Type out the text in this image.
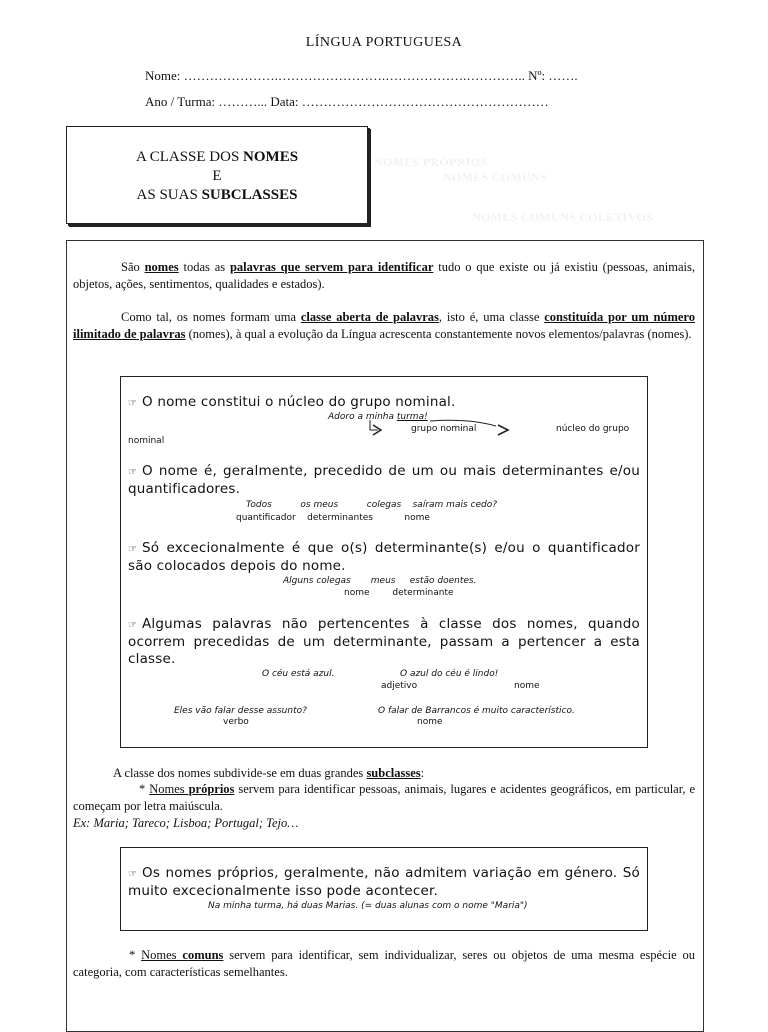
LÍNGUA PORTUGUESA
Nome: ………………….…………………….……………….………….. Nº: …….
Ano / Turma: ………... Data: …………………………………………………
A CLASSE DOS NOMES
E
AS SUAS SUBCLASSES
NOMES PRÓPRIOS
NOMES COMUNS
NOMES COMUNS COLETIVOS
São nomes todas as palavras que servem para identificar tudo o que existe ou já existiu (pessoas, animais, objetos, ações, sentimentos, qualidades e estados).
Como tal, os nomes formam uma classe aberta de palavras, isto é, uma classe constituída por um número ilimitado de palavras (nomes), à qual a evolução da Língua acrescenta constantemente novos elementos/palavras (nomes).
☞ O nome constitui o núcleo do grupo nominal.
Adoro a minha turma!
grupo nominal	núcleo do grupo
nominal
☞ O nome é, geralmente, precedido de um ou mais determinantes e/ou quantificadores.
Todos          os meus          colegas    saíram mais cedo?
quantificador    determinantes           nome
☞ Só excecionalmente é que o(s) determinante(s) e/ou o quantificador são colocados depois do nome.
Alguns colegas       meus     estão doentes.
nome        determinante
☞ Algumas palavras não pertencentes à classe dos nomes, quando ocorrem precedidas de um determinante, passam a pertencer a esta classe.
O céu está azul.	O azul do céu é lindo!
adjetivo	nome
Eles vão falar desse assunto?	O falar de Barrancos é muito característico.
verbo	nome
A classe dos nomes subdivide-se em duas grandes subclasses:
* Nomes próprios servem para identificar pessoas, animais, lugares e acidentes geográficos, em particular, e começam por letra maiúscula.
Ex: Maria; Tareco; Lisboa; Portugal; Tejo…
☞ Os nomes próprios, geralmente, não admitem variação em género. Só muito excecionalmente isso pode acontecer.
Na minha turma, há duas Marias. (= duas alunas com o nome "Maria")
* Nomes comuns servem para identificar, sem individualizar, seres ou objetos de uma mesma espécie ou categoria, com características semelhantes.
